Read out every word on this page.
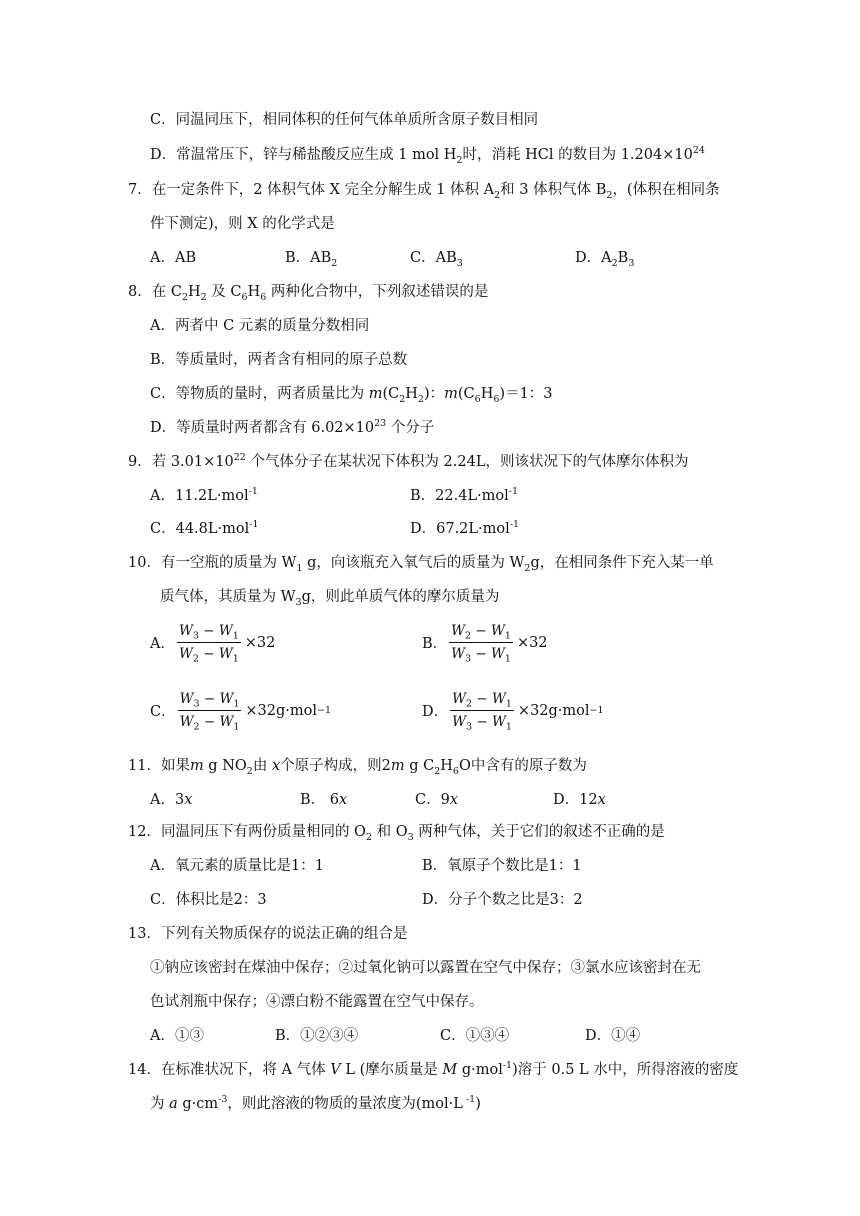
C．同温同压下，相同体积的任何气体单质所含原子数目相同
D．常温常压下，锌与稀盐酸反应生成 1 mol $H_2$时，消耗 HCl 的数目为 $1.204\times 10^{24}$
7．在一定条件下，2 体积气体 X 完全分解生成 1 体积 $A_2$和 3 体积气体 $B_2$，(体积在相同条
件下测定)，则 X 的化学式是
A．AB	B．$AB_2$	C．$AB_3$	D．$A_2B_3$
8．在 $C_2H_2$ 及 $C_6H_6$ 两种化合物中，下列叙述错误的是
A．两者中 C 元素的质量分数相同
B．等质量时，两者含有相同的原子总数
C．等物质的量时，两者质量比为 $m(C_2H_2)$：$m(C_6H_6)=1$：3
D．等质量时两者都含有 $6.02\times 10^{23}$ 个分子
9．若 $3.01\times 10^{22}$ 个气体分子在某状况下体积为 2.24L，则该状况下的气体摩尔体积为
A．11.2L·mol$^{-1}$	B．22.4L·mol$^{-1}$
C．44.8L·mol$^{-1}$	D．67.2L·mol$^{-1}$
10．有一空瓶的质量为 $W_1$ g，向该瓶充入氧气后的质量为 $W_2g$，在相同条件下充入某一单
质气体，其质量为 $W_3g$，则此单质气体的摩尔质量为
A． $\frac{W_3 - W_1}{W_2 - W_1} \times 32$	B． $\frac{W_2 - W_1}{W_3 - W_1} \times 32$
C． $\frac{W_3 - W_1}{W_2 - W_1} \times 32g\cdot mol -1$	D． $\frac{W_2 - W_1}{W_3 - W_1} \times 32g\cdot mol -1$
11．如果m g $NO_2$由 x个原子构成，则2m g $C_2H_6O$中含有的原子数为
A．3x	B． 6x	C．9x	D．12x
12．同温同压下有两份质量相同的 $O_2$ 和 $O_3$ 两种气体，关于它们的叙述不正确的是
A．氧元素的质量比是1：1	B．氧原子个数比是1：1
C．体积比是2：3	D．分子个数之比是3：2
13．下列有关物质保存的说法正确的组合是
①钠应该密封在煤油中保存；②过氧化钠可以露置在空气中保存；③氯水应该密封在无
色试剂瓶中保存；④漂白粉不能露置在空气中保存。
A．①③	B．①②③④	C．①③④	D．①④
14．在标准状况下，将 A 气体 V L (摩尔质量是 M g·mol$^{-1}$)溶于 0.5 L 水中，所得溶液的密度
为 a $g\cdot cm^{-3}$，则此溶液的物质的量浓度为(mol·L $^{-1}$)
